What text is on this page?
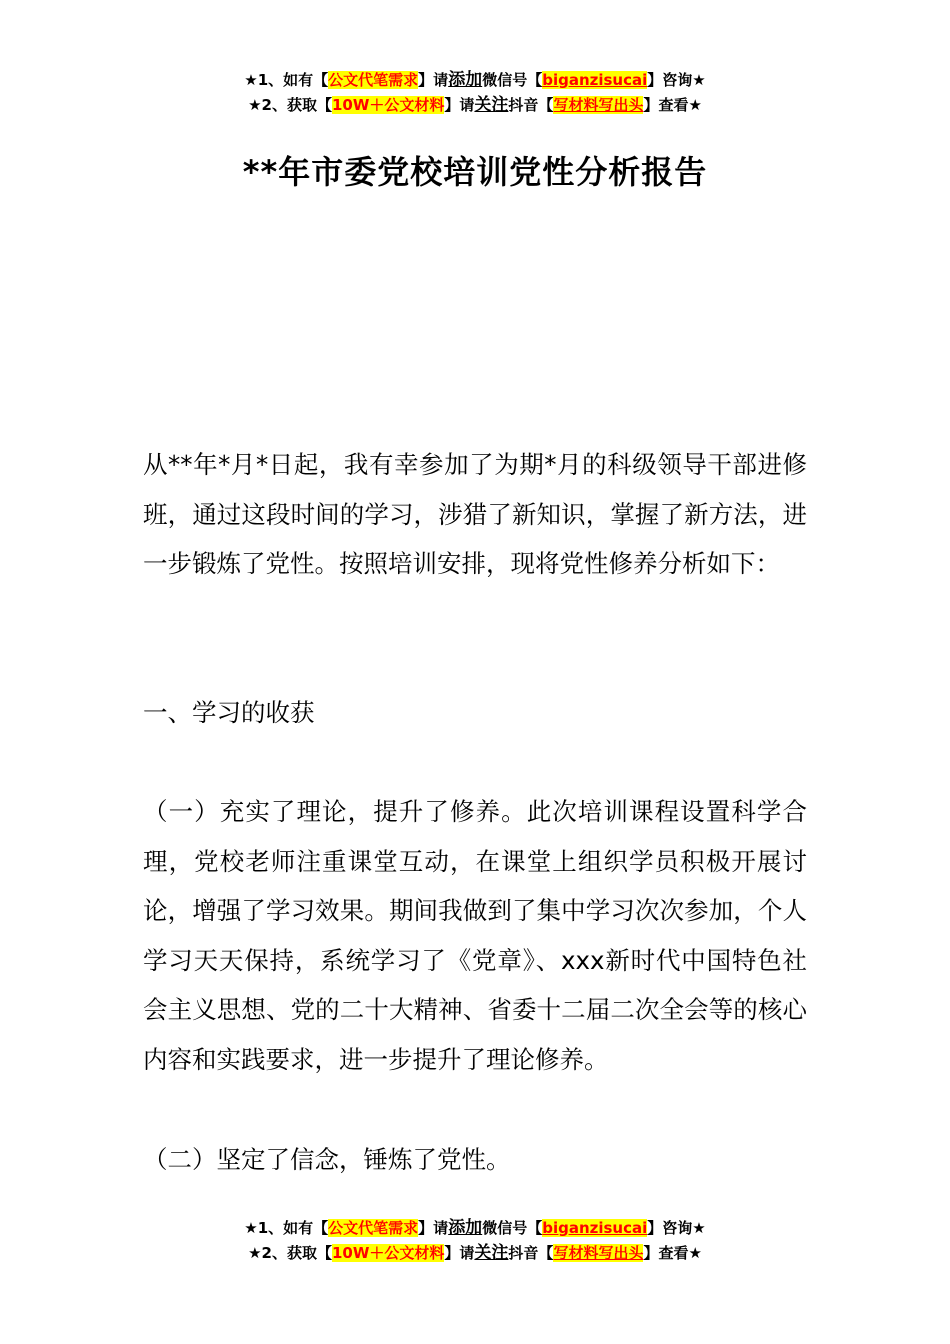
★1、如有【公文代笔需求】请添加微信号【biganzisucai】咨询★
★2、获取【10W＋公文材料】请关注抖音【写材料写出头】查看★
**年市委党校培训党性分析报告

从**年*月*日起，我有幸参加了为期*月的科级领导干部进修班，通过这段时间的学习，涉猎了新知识，掌握了新方法，进一步锻炼了党性。按照培训安排，现将党性修养分析如下：

一、学习的收获

（一）充实了理论，提升了修养。此次培训课程设置科学合理，党校老师注重课堂互动，在课堂上组织学员积极开展讨论，增强了学习效果。期间我做到了集中学习次次参加，个人学习天天保持，系统学习了《党章》、xxx新时代中国特色社会主义思想、党的二十大精神、省委十二届二次全会等的核心内容和实践要求，进一步提升了理论修养。

（二）坚定了信念，锤炼了党性。

★1、如有【公文代笔需求】请添加微信号【biganzisucai】咨询★
★2、获取【10W＋公文材料】请关注抖音【写材料写出头】查看★
